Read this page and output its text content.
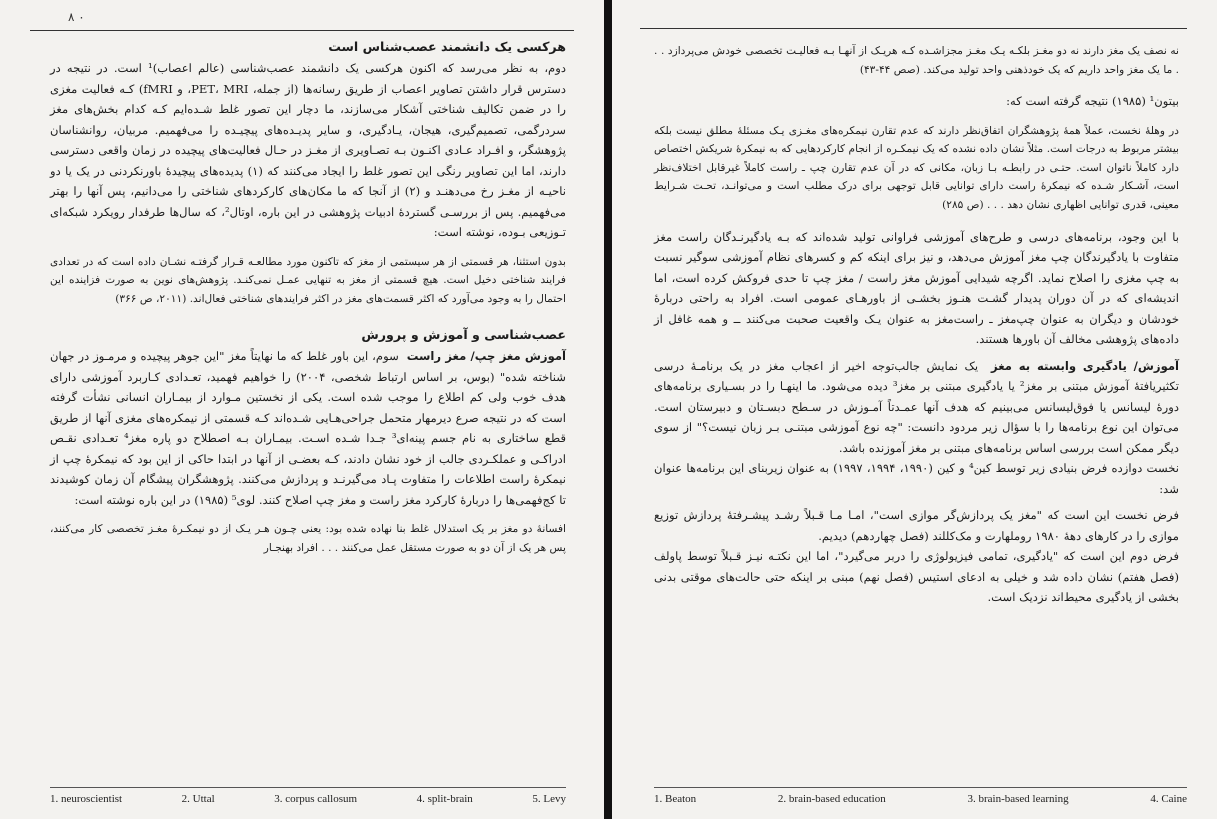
٠ ٨
هرکسی یک دانشمند عصب‌شناس است

دوم، به نظر می‌رسد که اکنون هرکسی یک دانشمند عصب‌شناسی (عالم اعصاب)¹ است. در نتیجه در دسترس قرار داشتن تصاویر اعصاب از طریق رسانه‌ها (از جمله، PET، MRI، و fMRI) کـه فعالیت مغزی را در ضمن تکالیف شناختی آشکار می‌سازند، ما دچار این تصور غلط شـده‌ایم کـه کدام بخش‌های مغز سردرگمی، تصمیم‌گیری، هیجان، یـادگیری، و سایر پدیـده‌های پیچیـده را می‌فهمیم. مربیان، روانشناسان پژوهشگر، و افـراد عـادی اکنـون بـه تصـاویری از مغـز در حـال فعالیت‌های پیچیده در زمان واقعی دسترسی دارند، اما این تصاویر رنگی این تصور غلط را ایجاد می‌کنند که (۱) پدیده‌های پیچیدهٔ باورنکردنی در یک یا دو ناحیـه از مغـز رخ می‌دهنـد و (۲) از آنجا که ما مکان‌های کارکردهای شناختی را می‌دانیم، پس آنها را بهتر می‌فهمیم. پس از بررسـی گستردهٔ ادبیات پژوهشی در این باره، اوتال²، که سال‌ها طرفدار رویکرد شبکه‌ای تـوزیعی بـوده، نوشته است:

بدون استثنا، هر قسمتی از هر سیستمی از مغز که تاکنون مورد مطالعـه قـرار گرفتـه نشـان داده است که در تعدادی فرایند شناختی دخیل است. هیچ قسمتی از مغز به تنهایی عمـل نمی‌کنـد. پژوهش‌های نوین به صورت فزاینده این احتمال را به وجود می‌آورد که اکثر قسمت‌های مغز در اکثر فرایندهای شناختی فعال‌اند. (۲۰۱۱، ص ۳۶۶)

عصب‌شناسی و آموزش و پرورش

آموزش مغز چپ/ مغز راست  سوم، این باور غلط که ما نهایتاً مغز "این جوهر پیچیده و مرمـوز در جهان شناخته شده" (بوس، بر اساس ارتباط شخصی، ۲۰۰۴) را خواهیم فهمید، تعـدادی کـاربرد آموزشی دارای هدف خوب ولی کم اطلاع را موجب شده است. یکی از نخستین مـوارد از بیمـاران انسانی نشأت گرفته است که در نتیجه صرع دیرمهار متحمل جراحی‌هـایی شـده‌اند کـه قسمتی از نیمکره‌های مغزی آنها از طریق قطع ساختاری به نام جسم پینه‌ای³ جـدا شـده اسـت. بیمـاران بـه اصطلاح دو پاره مغز⁴ تعـدادی نقـص ادراکـی و عملکـردی جالب از خود نشان دادند، کـه بعضـی از آنها در ابتدا حاکی از این بود که نیمکرهٔ چپ از نیمکرهٔ راست اطلاعات را متفاوت پـاد می‌گیرنـد و پردازش می‌کنند. پژوهشگران پیشگام آن زمان کوشیدند تا کج‌فهمی‌ها را دربارهٔ کارکرد مغز راست و مغز چپ اصلاح کنند. لوی⁵ (۱۹۸۵) در این باره نوشته است:

افسانهٔ دو مغز بر یک استدلال غلط بنا نهاده شده بود: یعنی چـون هـر یـک از دو نیمکـرهٔ مغـز تخصصی کار می‌کنند، پس هر یک از آن دو به صورت مستقل عمل می‌کنند . . . افراد بهنجـار

1. neuroscientist	2. Uttal	3. corpus callosum	4. split-brain	5. Levy

نه نصف یک مغز دارند نه دو مغـز بلکـه یـک مغـز مجزاشـده کـه هریـک از آنهـا بـه فعالیـت تخصصی خودش می‌پردازد . . . ما یک مغز واحد داریم که یک خودذهنی واحد تولید می‌کند. (صص ۴۴-۴۳)

بیتون¹ (۱۹۸۵) نتیجه گرفته است که:

در وهلهٔ نخست، عملاً همهٔ پژوهشگران اتفاق‌نظر دارند که عدم تقارن نیمکره‌های مغـزی یـک مسئلهٔ مطلق نیست بلکه بیشتر مربوط به درجات است. مثلاً نشان داده نشده که یک نیمکـره از انجام کارکردهایی که به نیمکرهٔ شریکش اختصاص دارد کاملاً ناتوان است. حتـی در رابطـه بـا زبان، مکانی که در آن عدم تقارن چپ ـ راست کاملاً غیرقابل اختلاف‌نظر است، آشـکار شـده که نیمکرهٔ راست دارای توانایی قابل توجهی برای درک مطلب است و می‌توانـد، تحـت شـرایط معینی، قدری توانایی اظهاری نشان دهد . . . (ص ۲۸۵)

با این وجود، برنامه‌های درسی و طرح‌های آموزشی فراوانی تولید شده‌اند که بـه یادگیرنـدگان راست مغز متفاوت با یادگیرندگان چپ مغز آموزش می‌دهد، و نیز برای اینکه کم و کسرهای نظام آموزشی سوگیر نسبت به چپ مغزی را اصلاح نماید. اگرچه شیدایی آموزش مغز راست / مغز چپ تا حدی فروکش کرده است، اما اندیشه‌ای که در آن دوران پدیدار گشـت هنـوز بخشـی از باورهـای عمومی است. افراد به راحتی دربارهٔ خودشان و دیگران به عنوان چپ‌مغز ـ راست‌مغز به عنوان یـک واقعیت صحبت می‌کنند ــ و همه غافل از داده‌های پژوهشی مخالف آن باورها هستند.

آموزش/ یادگیری وابسته به مغز  یک نمایش جالب‌توجه اخیر از اعجاب مغز در یک برنامـهٔ درسی تکثیریافتهٔ آموزش مبتنی بر مغز² یا یادگیری مبتنی بر مغز³ دیده می‌شود. ما اینهـا را در بسـیاری برنامه‌های دورهٔ لیسانس یا فوق‌لیسانس می‌بینیم که هدف آنها عمـدتاً آمـوزش در سـطح دبسـتان و دبیرستان است. می‌توان این نوع برنامه‌ها را با سؤال زیر مردود دانست: "چه نوع آموزشی مبتنـی بـر زبان نیست؟" از سوی دیگر ممکن است بررسی اساس برنامه‌های مبتنی بر مغز آموزنده باشد.

نخست دوازده فرض بنیادی زیر توسط کین⁴ و کین (۱۹۹۰، ۱۹۹۴، ۱۹۹۷) به عنوان زیربنای این برنامه‌ها عنوان شد:

فرض نخست این است که "مغز یک پردازش‌گر موازی است"، امـا مـا قـبلاً رشـد پیشـرفتهٔ پردازش توزیع موازی را در کارهای دههٔ ۱۹۸۰ روملهارت و مک‌کللند (فصل چهاردهم) دیدیم.

فرض دوم این است که "یادگیری، تمامی فیزیولوژی را دربر می‌گیرد"، اما این نکتـه نیـز قـبلاً توسط پاولف (فصل هفتم) نشان داده شد و خیلی به ادعای استیس (فصل نهم) مبنی بر اینکه حتی حالت‌های موقتی بدنی بخشی از یادگیری محیط‌اند نزدیک است.

1. Beaton	2. brain-based education	3. brain-based learning	4. Caine
